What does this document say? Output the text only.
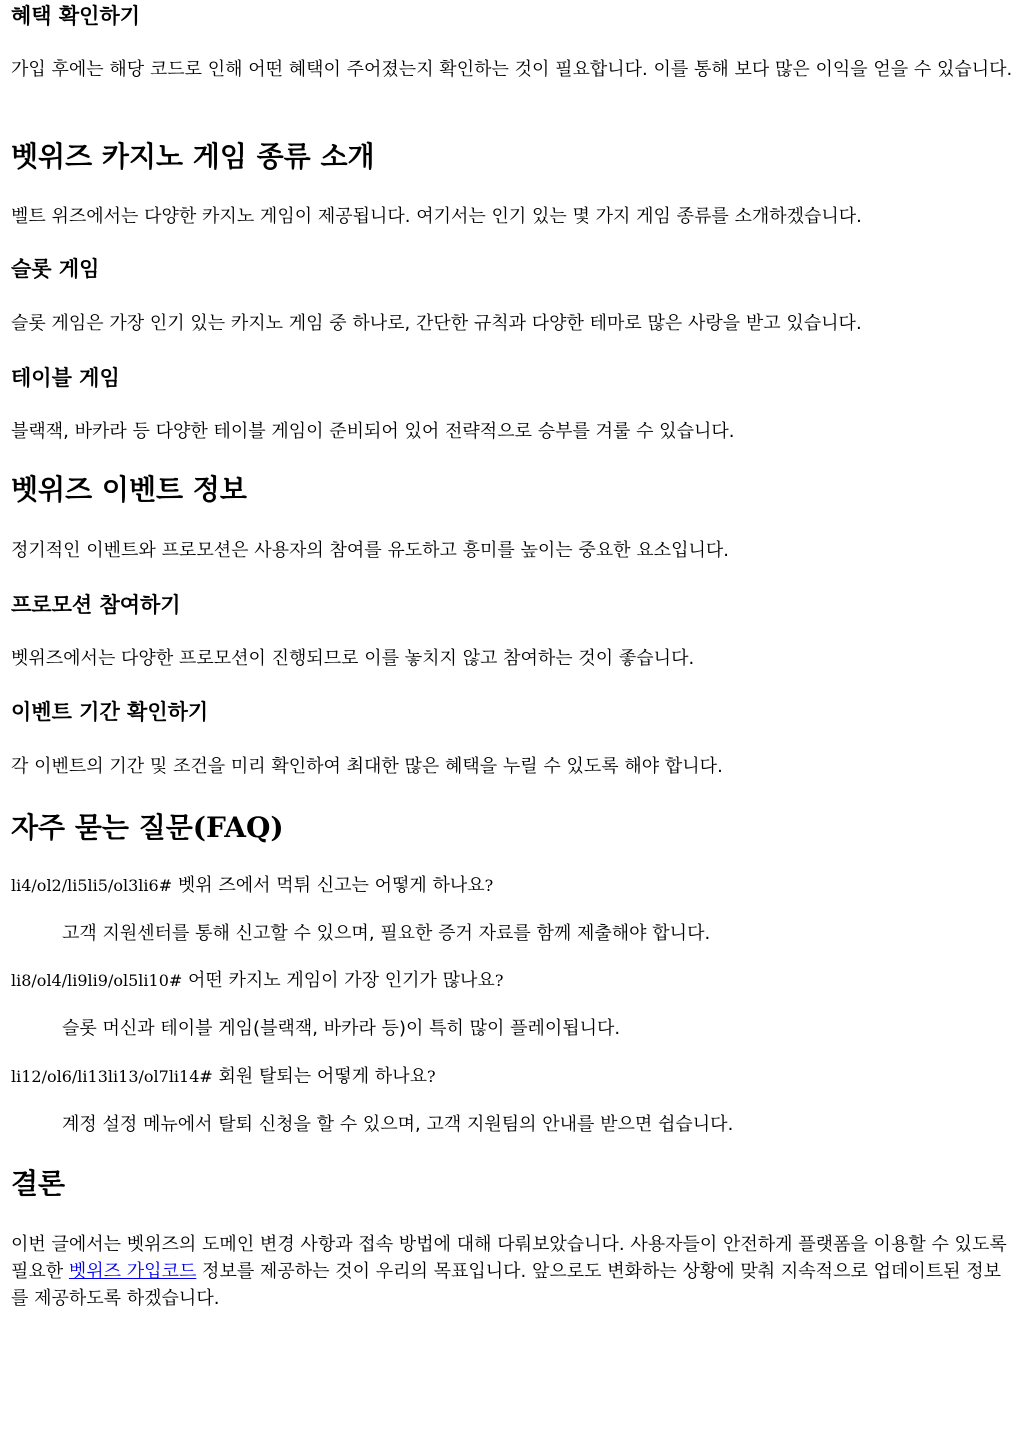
혜택 확인하기

가입 후에는 해당 코드로 인해 어떤 혜택이 주어졌는지 확인하는 것이 필요합니다. 이를 통해 보다 많은 이익을 얻을 수 있습니다.

벳위즈 카지노 게임 종류 소개

벨트 위즈에서는 다양한 카지노 게임이 제공됩니다. 여기서는 인기 있는 몇 가지 게임 종류를 소개하겠습니다.

슬롯 게임

슬롯 게임은 가장 인기 있는 카지노 게임 중 하나로, 간단한 규칙과 다양한 테마로 많은 사랑을 받고 있습니다.

테이블 게임

블랙잭, 바카라 등 다양한 테이블 게임이 준비되어 있어 전략적으로 승부를 겨룰 수 있습니다.

벳위즈 이벤트 정보

정기적인 이벤트와 프로모션은 사용자의 참여를 유도하고 흥미를 높이는 중요한 요소입니다.

프로모션 참여하기

벳위즈에서는 다양한 프로모션이 진행되므로 이를 놓치지 않고 참여하는 것이 좋습니다.

이벤트 기간 확인하기

각 이벤트의 기간 및 조건을 미리 확인하여 최대한 많은 혜택을 누릴 수 있도록 해야 합니다.

자주 묻는 질문(FAQ)
li4/ol2/li5li5/ol3li6# 벳위 즈에서 먹튀 신고는 어떻게 하나요?
고객 지원센터를 통해 신고할 수 있으며, 필요한 증거 자료를 함께 제출해야 합니다.
li8/ol4/li9li9/ol5li10# 어떤 카지노 게임이 가장 인기가 많나요?
슬롯 머신과 테이블 게임(블랙잭, 바카라 등)이 특히 많이 플레이됩니다.
li12/ol6/li13li13/ol7li14# 회원 탈퇴는 어떻게 하나요?
계정 설정 메뉴에서 탈퇴 신청을 할 수 있으며, 고객 지원팀의 안내를 받으면 쉽습니다.
결론

이번 글에서는 벳위즈의 도메인 변경 사항과 접속 방법에 대해 다뤄보았습니다. 사용자들이 안전하게 플랫폼을 이용할 수 있도록 필요한 벳위즈 가입코드 정보를 제공하는 것이 우리의 목표입니다. 앞으로도 변화하는 상황에 맞춰 지속적으로 업데이트된 정보를 제공하도록 하겠습니다.
